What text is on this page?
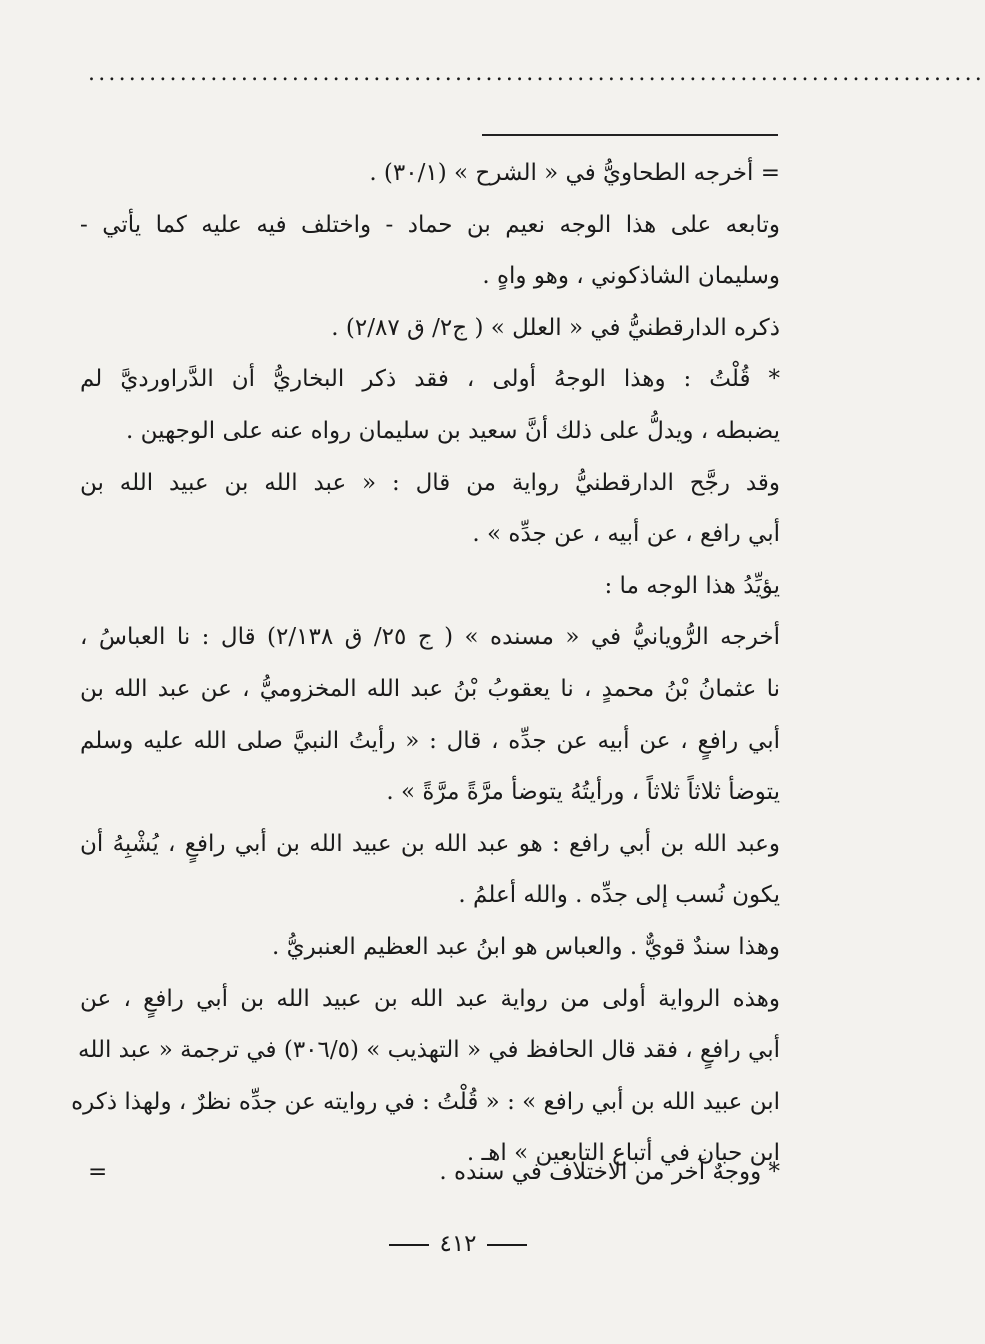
........................................................................................
= أخرجه الطحاويُّ في « الشرح » (٣٠/١) .
وتابعه على هذا الوجه نعيم بن حماد - واختلف فيه عليه كما يأتي -
وسليمان الشاذكوني ، وهو واهٍ .
ذكره الدارقطنيُّ في « العلل » ( ج٢/ ق ٢/٨٧) .
* قُلْتُ : وهذا الوجهُ أولى ، فقد ذكر البخاريُّ أن الدَّراورديَّ لم
يضبطه ، ويدلُّ على ذلك أنَّ سعيد بن سليمان رواه عنه على الوجهين .
وقد رجَّح الدارقطنيُّ رواية من قال : « عبد الله بن عبيد الله بن
أبي رافع ، عن أبيه ، عن جدِّه » .
يؤيِّدُ هذا الوجه ما :
أخرجه الرُّويانيُّ في « مسنده » ( ج ٢٥/ ق ٢/١٣٨) قال : نا العباسُ ،
نا عثمانُ بْنُ محمدٍ ، نا يعقوبُ بْنُ عبد الله المخزوميُّ ، عن عبد الله بن
أبي رافعٍ ، عن أبيه عن جدِّه ، قال : « رأيتُ النبيَّ صلى الله عليه وسلم
يتوضأ ثلاثاً ثلاثاً ، ورأيتُهُ يتوضأ مرَّةً مرَّةً » .
وعبد الله بن أبي رافع : هو عبد الله بن عبيد الله بن أبي رافعٍ ، يُشْبِهُ أن
يكون نُسب إلى جدِّه . والله أعلمُ .
وهذا سندٌ قويٌّ . والعباس هو ابنُ عبد العظيم العنبريُّ .
وهذه الرواية أولى من رواية عبد الله بن عبيد الله بن أبي رافعٍ ، عن
أبي رافعٍ ، فقد قال الحافظ في « التهذيب » (٣٠٦/٥) في ترجمة « عبد الله
ابن عبيد الله بن أبي رافع » : « قُلْتُ : في روايته عن جدِّه نظرٌ ، ولهذا ذكره
ابن حبان في أتباع التابعين » اهـ .
* ووجهٌ آخر من الاختلاف في سنده .
=
٤١٢
